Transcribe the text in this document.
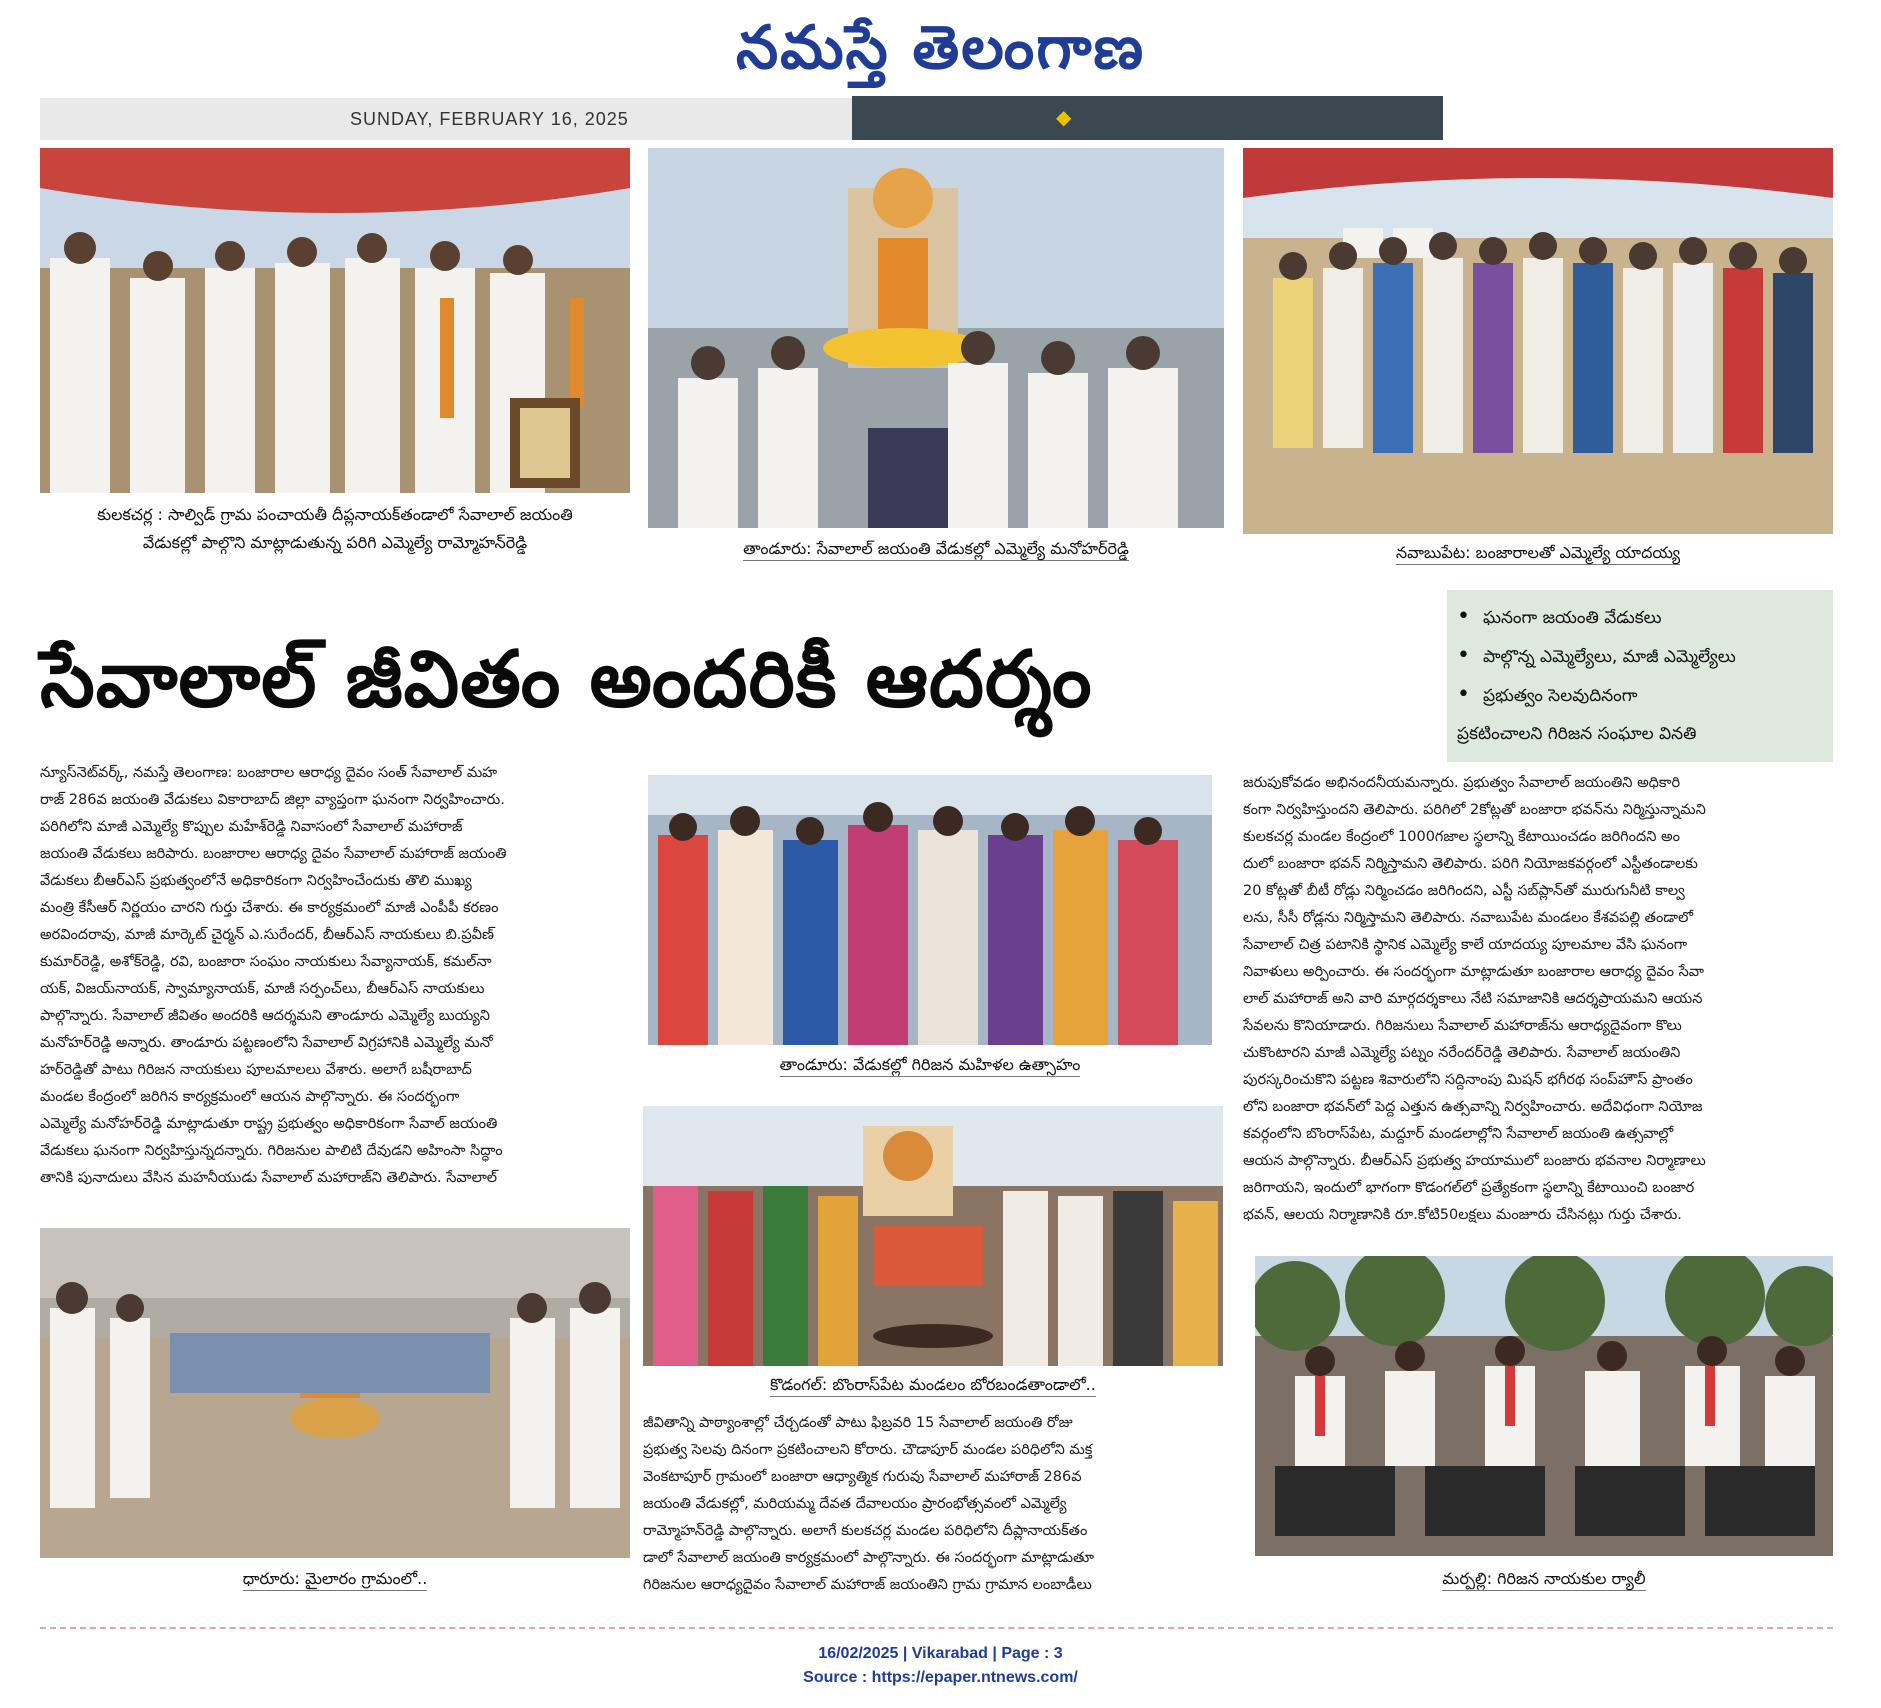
నమస్తే తెలంగాణ
SUNDAY, FEBRUARY 16, 2025	◆
కులకచర్ల : సాల్విడ్ గ్రామ పంచాయతీ దీప్లనాయక్‌తండాలో సేవాలాల్ జయంతి
వేడుకల్లో పాల్గొని మాట్లాడుతున్న పరిగి ఎమ్మెల్యే రామ్మోహన్‌రెడ్డి	తాండూరు: సేవాలాల్ జయంతి వేడుకల్లో ఎమ్మెల్యే మనోహర్‌రెడ్డి	నవాబుపేట: బంజారాలతో ఎమ్మెల్యే యాదయ్య
సేవాలాల్ జీవితం అందరికీ ఆదర్శం
• ఘనంగా జయంతి వేడుకలు
• పాల్గొన్న ఎమ్మెల్యేలు, మాజీ ఎమ్మెల్యేలు
• ప్రభుత్వం సెలవుదినంగా
ప్రకటించాలని గిరిజన సంఘాల వినతి

న్యూస్‌నెట్‌వర్క్, నమస్తే తెలంగాణ: బంజారాల ఆరాధ్య దైవం సంత్ సేవాలాల్ మహ

రాజ్ 286వ జయంతి వేడుకలు వికారాబాద్ జిల్లా వ్యాప్తంగా ఘనంగా నిర్వహించారు.

పరిగిలోని మాజీ ఎమ్మెల్యే కొప్పుల మహేశ్‌రెడ్డి నివాసంలో సేవాలాల్ మహారాజ్

జయంతి వేడుకలు జరిపారు. బంజారాల ఆరాధ్య దైవం సేవాలాల్ మహారాజ్ జయంతి

వేడుకలు బీఆర్‌ఎస్ ప్రభుత్వంలోనే అధికారికంగా నిర్వహించేందుకు తొలి ముఖ్య

మంత్రి కేసీఆర్ నిర్ణయం చారని గుర్తు చేశారు. ఈ కార్యక్రమంలో మాజీ ఎంపీపీ కరణం

అరవిందరావు, మాజీ మార్కెట్ చైర్మన్ ఎ.సురేందర్, బీఆర్‌ఎస్ నాయకులు బి.ప్రవీణ్

కుమార్‌రెడ్డి, అశోక్‌రెడ్డి, రవి, బంజారా సంఘం నాయకులు సేవ్యానాయక్, కమల్‌నా

యక్, విజయ్‌నాయక్, స్వామ్యానాయక్, మాజీ సర్పంచ్‌లు, బీఆర్‌ఎస్ నాయకులు

పాల్గొన్నారు. సేవాలాల్ జీవితం అందరికి ఆదర్శమని తాండూరు ఎమ్మెల్యే బుయ్యని

మనోహర్‌రెడ్డి అన్నారు. తాండూరు పట్టణంలోని సేవాలాల్ విగ్రహానికి ఎమ్మెల్యే మనో

హర్‌రెడ్డితో పాటు గిరిజన నాయకులు పూలమాలలు వేశారు. అలాగే బషీరాబాద్

మండల కేంద్రంలో జరిగిన కార్యక్రమంలో ఆయన పాల్గొన్నారు. ఈ సందర్భంగా

ఎమ్మెల్యే మనోహర్‌రెడ్డి మాట్లాడుతూ రాష్ట్ర ప్రభుత్వం అధికారికంగా సేవాల్ జయంతి

వేడుకలు ఘనంగా నిర్వహిస్తున్నదన్నారు. గిరిజనుల పాలిటి దేవుడని అహింసా సిద్ధాం

తానికి పునాదులు వేసిన మహనీయుడు సేవాలాల్ మహారాజ్‌ని తెలిపారు. సేవాలాల్

ధారూరు: మైలారం గ్రామంలో..
తాండూరు: వేడుకల్లో గిరిజన మహిళల ఉత్సాహం
కొడంగల్: బొంరాస్‌పేట మండలం బోరబండతాండాలో..

జీవితాన్ని పాఠ్యాంశాల్లో చేర్చడంతో పాటు ఫిబ్రవరి 15 సేవాలాల్ జయంతి రోజు

ప్రభుత్వ సెలవు దినంగా ప్రకటించాలని కోరారు. చౌడాపూర్ మండల పరిధిలోని మక్త

వెంకటాపూర్ గ్రామంలో బంజారా ఆధ్యాత్మిక గురువు సేవాలాల్ మహారాజ్ 286వ

జయంతి వేడుకల్లో, మరియమ్మ దేవత దేవాలయం ప్రారంభోత్సవంలో ఎమ్మెల్యే

రామ్మోహన్‌రెడ్డి పాల్గొన్నారు. అలాగే కులకచర్ల మండల పరిధిలోని దీప్లానాయక్‌తం

డాలో సేవాలాల్ జయంతి కార్యక్రమంలో పాల్గొన్నారు. ఈ సందర్భంగా మాట్లాడుతూ

గిరిజనుల ఆరాధ్యదైవం సేవాలాల్ మహారాజ్ జయంతిని గ్రామ గ్రామాన లంబాడీలు

జరుపుకోవడం అభినందనీయమన్నారు. ప్రభుత్వం సేవాలాల్ జయంతిని అధికారి

కంగా నిర్వహిస్తుందని తెలిపారు. పరిగిలో 2కోట్లతో బంజారా భవన్‌ను నిర్మిస్తున్నామని

కులకచర్ల మండల కేంద్రంలో 1000గజాల స్థలాన్ని కేటాయించడం జరిగిందని అం

దులో బంజారా భవన్ నిర్మిస్తామని తెలిపారు. పరిగి నియోజకవర్గంలో ఎస్టీతండాలకు

20 కోట్లతో బీటీ రోడ్లు నిర్మించడం జరిగిందని, ఎస్టీ సబ్‌ప్లాన్‌తో మురుగునీటి కాల్వ

లను, సీసీ రోడ్లను నిర్మిస్తామని తెలిపారు. నవాబుపేట మండలం కేశవపల్లి తండాలో

సేవాలాల్ చిత్ర పటానికి స్థానిక ఎమ్మెల్యే కాలే యాదయ్య పూలమాల వేసి ఘనంగా

నివాళులు అర్పించారు. ఈ సందర్భంగా మాట్లాడుతూ బంజారాల ఆరాధ్య దైవం సేవా

లాల్ మహారాజ్ అని వారి మార్గదర్శకాలు నేటి సమాజానికి ఆదర్శప్రాయమని ఆయన

సేవలను కొనియాడారు. గిరిజనులు సేవాలాల్ మహారాజ్‌ను ఆరాధ్యదైవంగా కొలు

చుకొంటారని మాజీ ఎమ్మెల్యే పట్నం నరేందర్‌రెడ్డి తెలిపారు. సేవాలాల్ జయంతిని

పురస్కరించుకొని పట్టణ శివారులోని సద్దినాంపు మిషన్ భగీరథ సంప్‌హౌస్ ప్రాంతం

లోని బంజారా భవన్‌లో పెద్ద ఎత్తున ఉత్సవాన్ని నిర్వహించారు. అదేవిధంగా నియోజ

కవర్గంలోని బొంరాస్‌పేట, మద్దూర్ మండలాల్లోని సేవాలాల్ జయంతి ఉత్సవాల్లో

ఆయన పాల్గొన్నారు. బీఆర్‌ఎస్ ప్రభుత్వ హయాములో బంజారు భవనాల నిర్మాణాలు

జరిగాయని, ఇందులో భాగంగా కొడంగల్‌లో ప్రత్యేకంగా స్థలాన్ని కేటాయించి బంజార

భవన్, ఆలయ నిర్మాణానికి రూ.కోటి50లక్షలు మంజూరు చేసినట్లు గుర్తు చేశారు.

మర్పల్లి: గిరిజన నాయకుల ర్యాలీ
16/02/2025 | Vikarabad | Page : 3
Source : https://epaper.ntnews.com/
